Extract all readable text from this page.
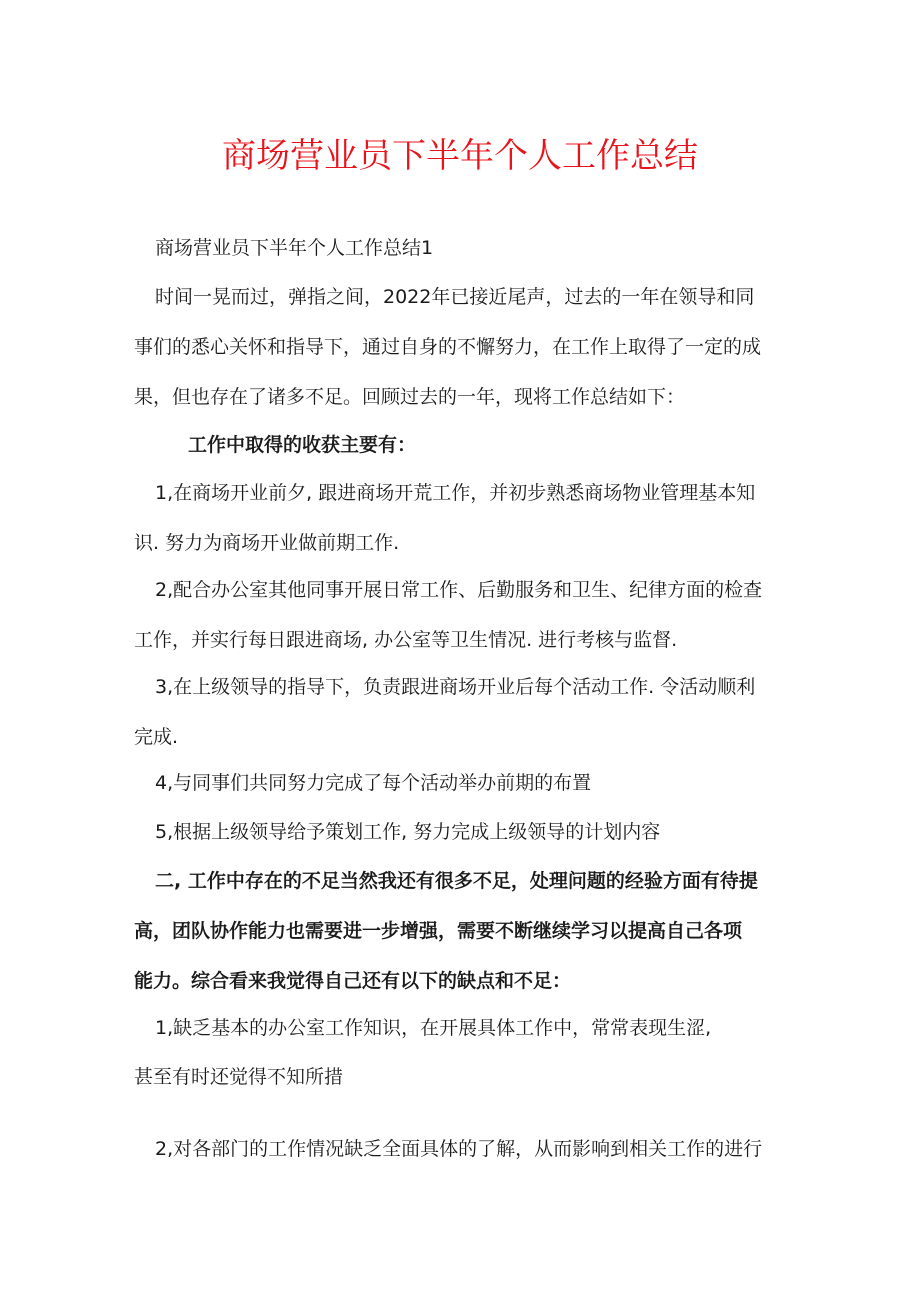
商场营业员下半年个人工作总结
商场营业员下半年个人工作总结1
时间一晃而过，弹指之间，2022年已接近尾声，过去的一年在领导和同
事们的悉心关怀和指导下，通过自身的不懈努力，在工作上取得了一定的成
果，但也存在了诸多不足。回顾过去的一年，现将工作总结如下：
工作中取得的收获主要有：
1,在商场开业前夕, 跟进商场开荒工作，并初步熟悉商场物业管理基本知
识. 努力为商场开业做前期工作.
2,配合办公室其他同事开展日常工作、后勤服务和卫生、纪律方面的检查
工作，并实行每日跟进商场, 办公室等卫生情况. 进行考核与监督.
3,在上级领导的指导下，负责跟进商场开业后每个活动工作. 令活动顺利
完成.
4,与同事们共同努力完成了每个活动举办前期的布置
5,根据上级领导给予策划工作, 努力完成上级领导的计划内容
二, 工作中存在的不足当然我还有很多不足，处理问题的经验方面有待提
高，团队协作能力也需要进一步增强，需要不断继续学习以提高自己各项
能力。综合看来我觉得自己还有以下的缺点和不足：
1,缺乏基本的办公室工作知识，在开展具体工作中，常常表现生涩,
甚至有时还觉得不知所措
2,对各部门的工作情况缺乏全面具体的了解，从而影响到相关工作的进行
